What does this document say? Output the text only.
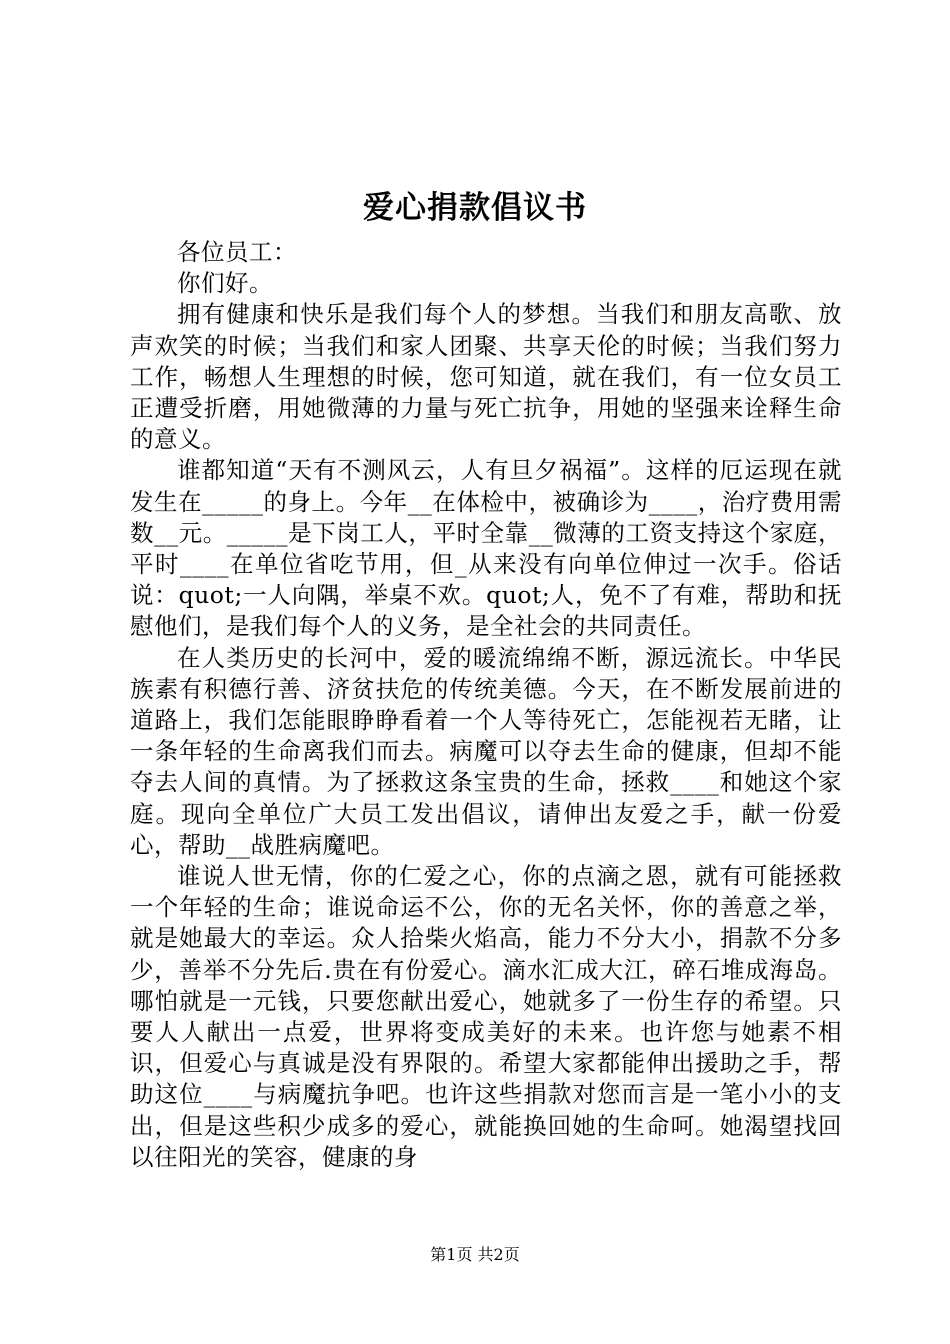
爱心捐款倡议书

各位员工：

你们好。

拥有健康和快乐是我们每个人的梦想。当我们和朋友高歌、放声欢笑的时候；当我们和家人团聚、共享天伦的时候；当我们努力工作，畅想人生理想的时候，您可知道，就在我们，有一位女员工正遭受折磨，用她微薄的力量与死亡抗争，用她的坚强来诠释生命的意义。

谁都知道“天有不测风云，人有旦夕祸福”。这样的厄运现在就发生在_____的身上。今年__在体检中，被确诊为____，治疗费用需数__元。_____是下岗工人，平时全靠__微薄的工资支持这个家庭，平时____在单位省吃节用，但_从来没有向单位伸过一次手。俗话说：quot;一人向隅，举桌不欢。quot;人，免不了有难，帮助和抚慰他们，是我们每个人的义务，是全社会的共同责任。

在人类历史的长河中，爱的暖流绵绵不断，源远流长。中华民族素有积德行善、济贫扶危的传统美德。今天，在不断发展前进的道路上，我们怎能眼睁睁看着一个人等待死亡，怎能视若无睹，让一条年轻的生命离我们而去。病魔可以夺去生命的健康，但却不能夺去人间的真情。为了拯救这条宝贵的生命，拯救____和她这个家庭。现向全单位广大员工发出倡议，请伸出友爱之手，献一份爱心，帮助__战胜病魔吧。

谁说人世无情，你的仁爱之心，你的点滴之恩，就有可能拯救一个年轻的生命；谁说命运不公，你的无名关怀，你的善意之举，就是她最大的幸运。众人拾柴火焰高，能力不分大小，捐款不分多少，善举不分先后.贵在有份爱心。滴水汇成大江，碎石堆成海岛。哪怕就是一元钱，只要您献出爱心，她就多了一份生存的希望。只要人人献出一点爱，世界将变成美好的未来。也许您与她素不相识，但爱心与真诚是没有界限的。希望大家都能伸出援助之手，帮助这位____与病魔抗争吧。也许这些捐款对您而言是一笔小小的支出，但是这些积少成多的爱心，就能换回她的生命呵。她渴望找回以往阳光的笑容，健康的身

第1页 共2页
